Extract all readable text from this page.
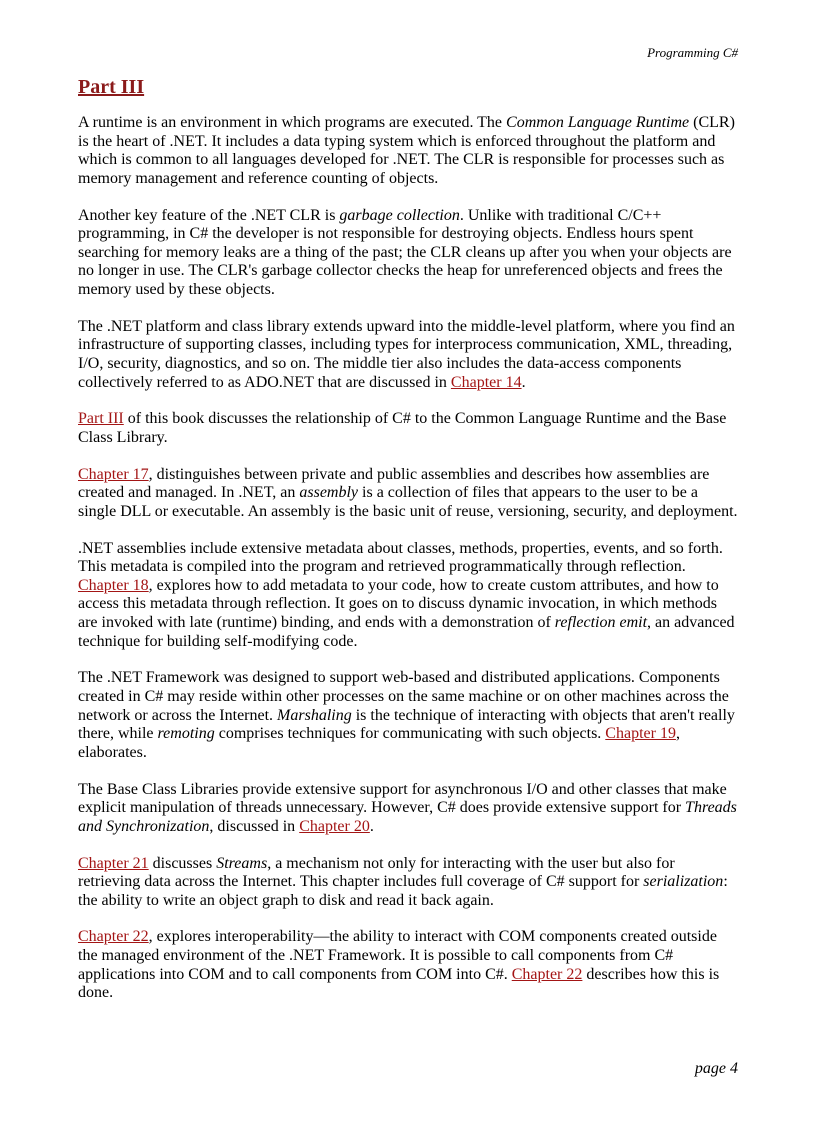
Programming C#
Part III

A runtime is an environment in which programs are executed. The Common Language Runtime (CLR) is the heart of .NET. It includes a data typing system which is enforced throughout the platform and which is common to all languages developed for .NET. The CLR is responsible for processes such as memory management and reference counting of objects.

Another key feature of the .NET CLR is garbage collection. Unlike with traditional C/C++ programming, in C# the developer is not responsible for destroying objects. Endless hours spent searching for memory leaks are a thing of the past; the CLR cleans up after you when your objects are no longer in use. The CLR's garbage collector checks the heap for unreferenced objects and frees the memory used by these objects.

The .NET platform and class library extends upward into the middle-level platform, where you find an infrastructure of supporting classes, including types for interprocess communication, XML, threading, I/O, security, diagnostics, and so on. The middle tier also includes the data-access components collectively referred to as ADO.NET that are discussed in Chapter 14.

Part III of this book discusses the relationship of C# to the Common Language Runtime and the Base Class Library.

Chapter 17, distinguishes between private and public assemblies and describes how assemblies are created and managed. In .NET, an assembly is a collection of files that appears to the user to be a single DLL or executable. An assembly is the basic unit of reuse, versioning, security, and deployment.

.NET assemblies include extensive metadata about classes, methods, properties, events, and so forth. This metadata is compiled into the program and retrieved programmatically through reflection. Chapter 18, explores how to add metadata to your code, how to create custom attributes, and how to access this metadata through reflection. It goes on to discuss dynamic invocation, in which methods are invoked with late (runtime) binding, and ends with a demonstration of reflection emit, an advanced technique for building self-modifying code.

The .NET Framework was designed to support web-based and distributed applications. Components created in C# may reside within other processes on the same machine or on other machines across the network or across the Internet. Marshaling is the technique of interacting with objects that aren't really there, while remoting comprises techniques for communicating with such objects. Chapter 19, elaborates.

The Base Class Libraries provide extensive support for asynchronous I/O and other classes that make explicit manipulation of threads unnecessary. However, C# does provide extensive support for Threads and Synchronization, discussed in Chapter 20.

Chapter 21 discusses Streams, a mechanism not only for interacting with the user but also for retrieving data across the Internet. This chapter includes full coverage of C# support for serialization: the ability to write an object graph to disk and read it back again.

Chapter 22, explores interoperability—the ability to interact with COM components created outside the managed environment of the .NET Framework. It is possible to call components from C# applications into COM and to call components from COM into C#. Chapter 22 describes how this is done.

page 4
